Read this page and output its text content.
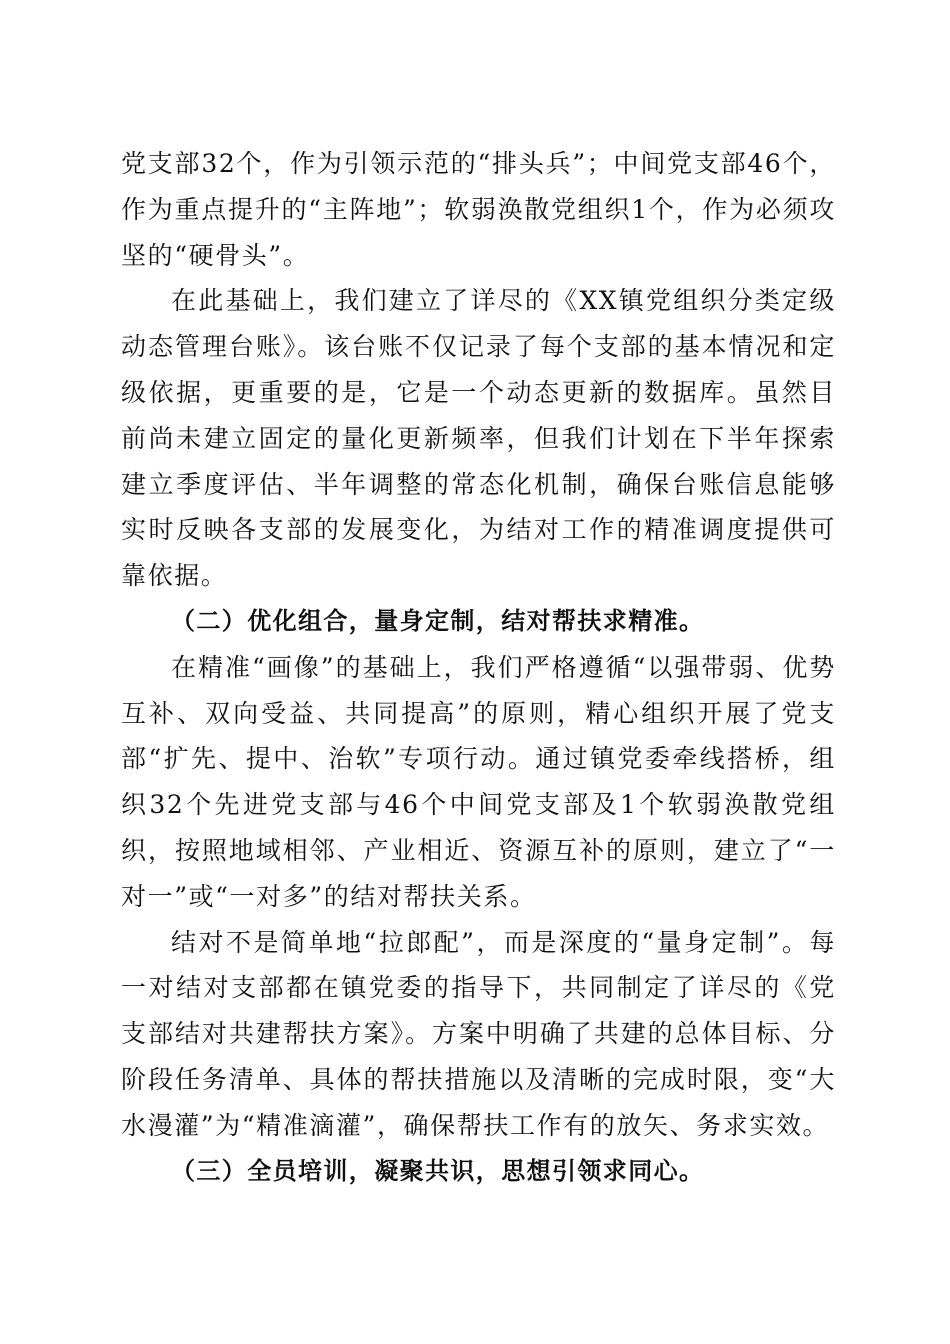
党支部32个，作为引领示范的“排头兵”；中间党支部46个，作为重点提升的“主阵地”；软弱涣散党组织1个，作为必须攻坚的“硬骨头”。

在此基础上，我们建立了详尽的《XX镇党组织分类定级动态管理台账》。该台账不仅记录了每个支部的基本情况和定级依据，更重要的是，它是一个动态更新的数据库。虽然目前尚未建立固定的量化更新频率，但我们计划在下半年探索建立季度评估、半年调整的常态化机制，确保台账信息能够实时反映各支部的发展变化，为结对工作的精准调度提供可靠依据。

（二）优化组合，量身定制，结对帮扶求精准。

在精准“画像”的基础上，我们严格遵循“以强带弱、优势互补、双向受益、共同提高”的原则，精心组织开展了党支部“扩先、提中、治软”专项行动。通过镇党委牵线搭桥，组织32个先进党支部与46个中间党支部及1个软弱涣散党组织，按照地域相邻、产业相近、资源互补的原则，建立了“一对一”或“一对多”的结对帮扶关系。

结对不是简单地“拉郎配”，而是深度的“量身定制”。每一对结对支部都在镇党委的指导下，共同制定了详尽的《党支部结对共建帮扶方案》。方案中明确了共建的总体目标、分阶段任务清单、具体的帮扶措施以及清晰的完成时限，变“大水漫灌”为“精准滴灌”，确保帮扶工作有的放矢、务求实效。

（三）全员培训，凝聚共识，思想引领求同心。
